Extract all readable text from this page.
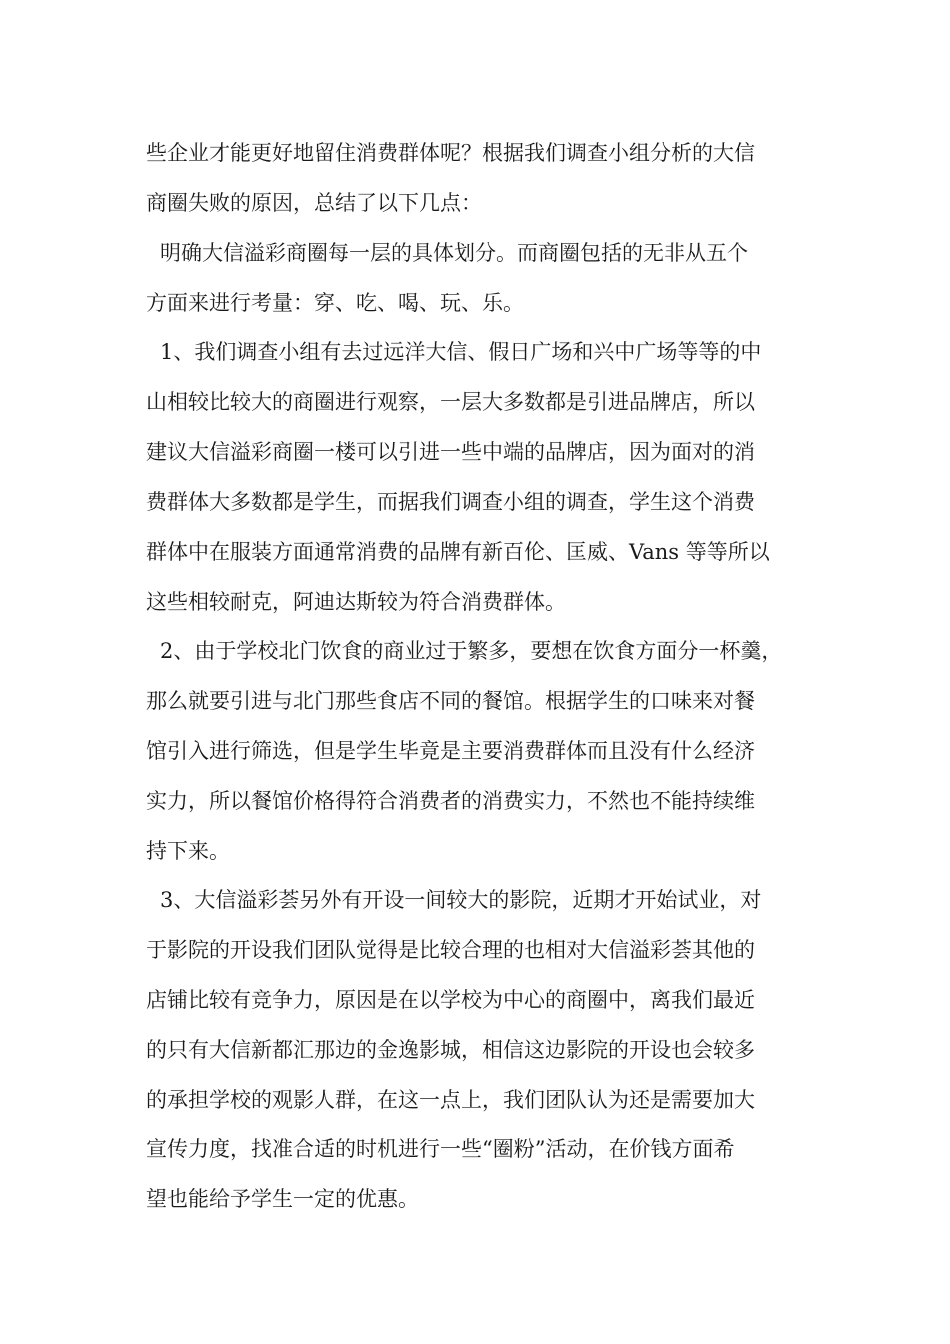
些企业才能更好地留住消费群体呢？根据我们调查小组分析的大信
商圈失败的原因，总结了以下几点：
明确大信溢彩商圈每一层的具体划分。而商圈包括的无非从五个
方面来进行考量：穿、吃、喝、玩、乐。
1、我们调查小组有去过远洋大信、假日广场和兴中广场等等的中
山相较比较大的商圈进行观察，一层大多数都是引进品牌店，所以
建议大信溢彩商圈一楼可以引进一些中端的品牌店，因为面对的消
费群体大多数都是学生，而据我们调查小组的调查，学生这个消费
群体中在服装方面通常消费的品牌有新百伦、匡威、Vans 等等所以
这些相较耐克，阿迪达斯较为符合消费群体。
2、由于学校北门饮食的商业过于繁多，要想在饮食方面分一杯羹，
那么就要引进与北门那些食店不同的餐馆。根据学生的口味来对餐
馆引入进行筛选，但是学生毕竟是主要消费群体而且没有什么经济
实力，所以餐馆价格得符合消费者的消费实力，不然也不能持续维
持下来。
3、大信溢彩荟另外有开设一间较大的影院，近期才开始试业，对
于影院的开设我们团队觉得是比较合理的也相对大信溢彩荟其他的
店铺比较有竞争力，原因是在以学校为中心的商圈中，离我们最近
的只有大信新都汇那边的金逸影城，相信这边影院的开设也会较多
的承担学校的观影人群，在这一点上，我们团队认为还是需要加大
宣传力度，找准合适的时机进行一些“圈粉”活动，在价钱方面希
望也能给予学生一定的优惠。
